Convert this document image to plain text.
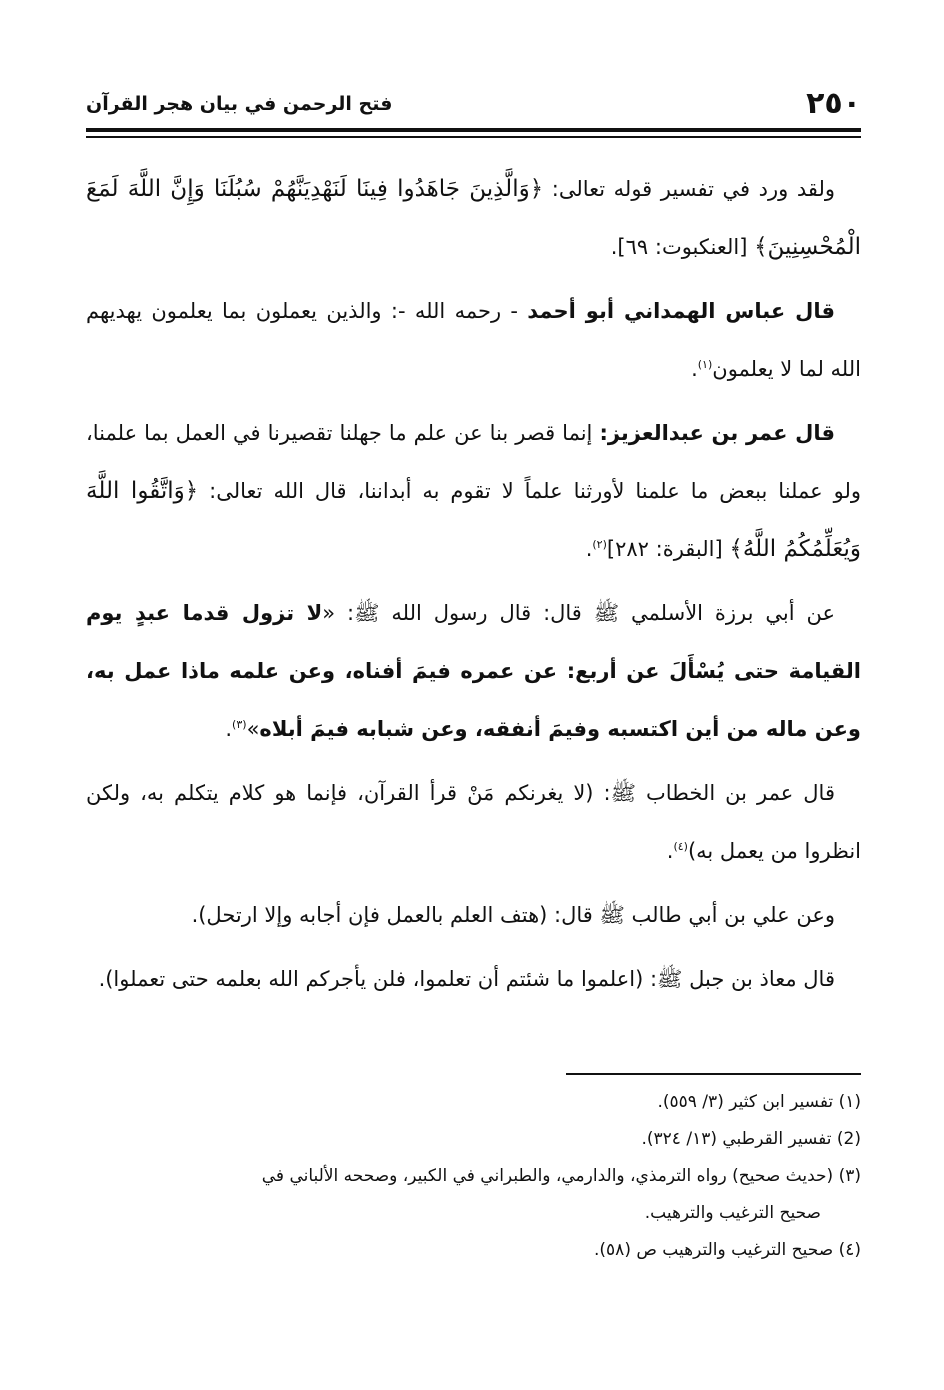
٢٥٠
فتح الرحمن في بيان هجر القرآن

ولقد ورد في تفسير قوله تعالى: ﴿وَالَّذِينَ جَاهَدُوا فِينَا لَنَهْدِيَنَّهُمْ سُبُلَنَا وَإِنَّ اللَّهَ لَمَعَ الْمُحْسِنِينَ﴾ [العنكبوت: ٦٩].

قال عباس الهمداني أبو أحمد - رحمه الله -: والذين يعملون بما يعلمون يهديهم الله لما لا يعلمون$^{(١)}$.

قال عمر بن عبدالعزيز: إنما قصر بنا عن علم ما جهلنا تقصيرنا في العمل بما علمنا، ولو عملنا ببعض ما علمنا لأورثنا علماً لا تقوم به أبداننا، قال الله تعالى: ﴿وَاتَّقُوا اللَّهَ وَيُعَلِّمُكُمُ اللَّهُ﴾ [البقرة: ٢٨٢]$^{(٢)}$.

عن أبي برزة الأسلمي ﷺ قال: قال رسول الله ﷺ: «لا تزول قدما عبدٍ يوم القيامة حتى يُسْأَلَ عن أربع: عن عمره فيمَ أفناه، وعن علمه ماذا عمل به، وعن ماله من أين اكتسبه وفيمَ أنفقه، وعن شبابه فيمَ أبلاه»$^{(٣)}$.

قال عمر بن الخطاب ﷺ: (لا يغرنكم مَنْ قرأ القرآن، فإنما هو كلام يتكلم به، ولكن انظروا من يعمل به)$^{(٤)}$.

وعن علي بن أبي طالب ﷺ قال: (هتف العلم بالعمل فإن أجابه وإلا ارتحل).

قال معاذ بن جبل ﷺ: (اعلموا ما شئتم أن تعلموا، فلن يأجركم الله بعلمه حتى تعملوا).

(١) تفسير ابن كثير (٣/ ٥٥٩).

(2) تفسير القرطبي (١٣/ ٣٢٤).

(٣) (حديث صحيح) رواه الترمذي، والدارمي، والطبراني في الكبير، وصححه الألباني في

صحيح الترغيب والترهيب.

(٤) صحيح الترغيب والترهيب ص (٥٨).
